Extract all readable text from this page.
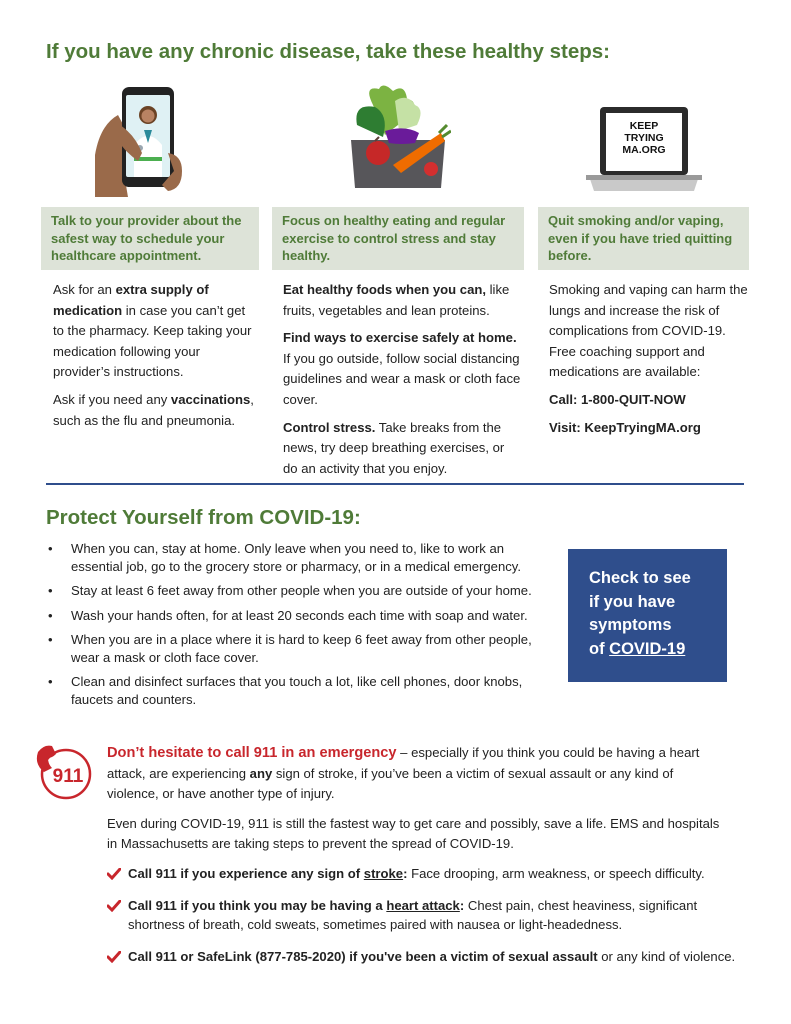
If you have any chronic disease, take these healthy steps:
KEEP
TRYING
MA.ORG
Talk to your provider about the safest way to schedule your healthcare appointment.
Focus on healthy eating and regular exercise to control stress and stay healthy.
Quit smoking and/or vaping, even if you have tried quitting before.

Ask for an extra supply of medication in case you can’t get to the pharmacy. Keep taking your medication following your provider’s instructions.

Ask if you need any vaccinations, such as the flu and pneumonia.

Eat healthy foods when you can, like fruits, vegetables and lean proteins.

Find ways to exercise safely at home. If you go outside, follow social distancing guidelines and wear a mask or cloth face cover.

Control stress. Take breaks from the news, try deep breathing exercises, or do an activity that you enjoy.

Smoking and vaping can harm the lungs and increase the risk of complications from COVID-19. Free coaching support and medications are available:

Call: 1-800-QUIT-NOW

Visit: KeepTryingMA.org

Protect Yourself from COVID-19:
• When you can, stay at home. Only leave when you need to, like to work an essential job, go to the grocery store or pharmacy, or in a medical emergency.
• Stay at least 6 feet away from other people when you are outside of your home.
• Wash your hands often, for at least 20 seconds each time with soap and water.
• When you are in a place where it is hard to keep 6 feet away from other people, wear a mask or cloth face cover.
• Clean and disinfect surfaces that you touch a lot, like cell phones, door knobs, faucets and counters.
Check to see
if you have
symptoms
of COVID-19
911

Don’t hesitate to call 911 in an emergency – especially if you think you could be having a heart attack, are experiencing any sign of stroke, if you’ve been a victim of sexual assault or any kind of violence, or have another type of injury.

Even during COVID-19, 911 is still the fastest way to get care and possibly, save a life. EMS and hospitals in Massachusetts are taking steps to prevent the spread of COVID-19.

Call 911 if you experience any sign of stroke: Face drooping, arm weakness, or speech difficulty.
Call 911 if you think you may be having a heart attack: Chest pain, chest heaviness, significant shortness of breath, cold sweats, sometimes paired with nausea or light-headedness.
Call 911 or SafeLink (877-785-2020) if you've been a victim of sexual assault or any kind of violence.
